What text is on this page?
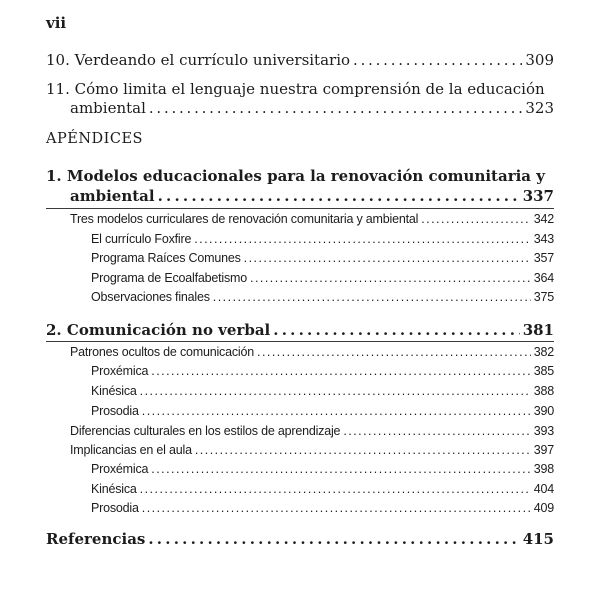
vii
10. Verdeando el currículo universitario . . .	309
11. Cómo limita el lenguaje nuestra comprensión de la educación
ambiental . . .	323
APÉNDICES
1. Modelos educacionales para la renovación comunitaria y
ambiental . . .	337
Tres modelos curriculares de renovación comunitaria y ambiental . . .	342
El currículo Foxfire . . .	343
Programa Raíces Comunes . . .	357
Programa de Ecoalfabetismo . . .	364
Observaciones finales . . .	375
2. Comunicación no verbal . . .	381
Patrones ocultos de comunicación . . .	382
Proxémica . . .	385
Kinésica . . .	388
Prosodia . . .	390
Diferencias culturales en los estilos de aprendizaje . . .	393
Implicancias en el aula . . .	397
Proxémica . . .	398
Kinésica . . .	404
Prosodia . . .	409
Referencias . . .	415
